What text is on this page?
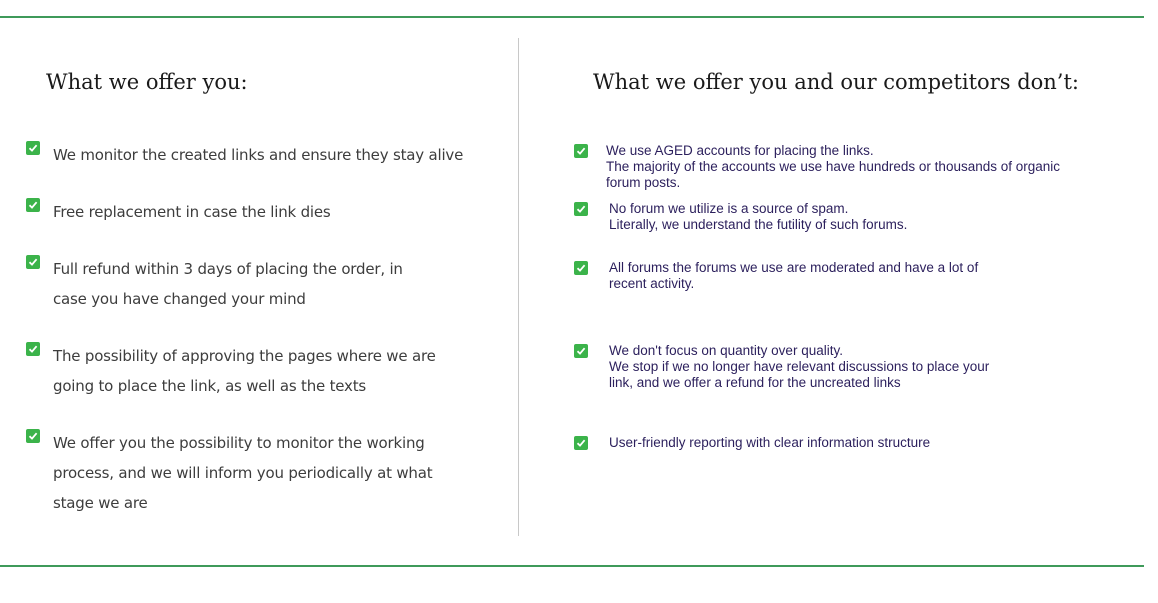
What we offer you:	What we offer you and our competitors don’t:
We monitor the created links and ensure they stay alive
Free replacement in case the link dies
Full refund within 3 days of placing the order, in
case you have changed your mind
The possibility of approving the pages where we are
going to place the link, as well as the texts
We offer you the possibility to monitor the working
process, and we will inform you periodically at what
stage we are
We use AGED accounts for placing the links.
The majority of the accounts we use have hundreds or thousands of organic
forum posts.
No forum we utilize is a source of spam.
Literally, we understand the futility of such forums.
All forums the forums we use are moderated and have a lot of
recent activity.
We don't focus on quantity over quality.
We stop if we no longer have relevant discussions to place your
link, and we offer a refund for the uncreated links
User-friendly reporting with clear information structure
